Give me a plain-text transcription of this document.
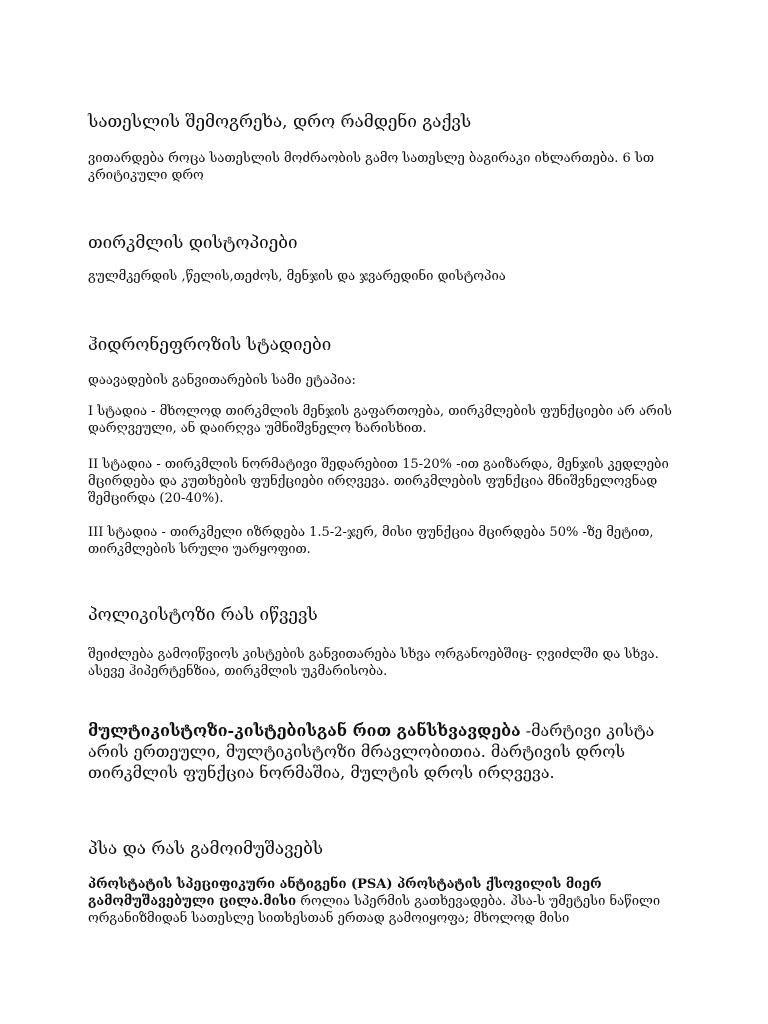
სათესლის შემოგრეხა, დრო რამდენი გაქვს

ვითარდება როცა სათესლის მოძრაობის გამო სათესლე ბაგირაკი იხლართება. 6 სთ კრიტიკული დრო

თირკმლის დისტოპიები

გულმკერდის ,წელის,თეძოს, მენჯის და ჯვარედინი დისტოპია

ჰიდრონეფროზის სტადიები

დაავადების განვითარების სამი ეტაპია:

I სტადია - მხოლოდ თირკმლის მენჯის გაფართოება, თირკმლების ფუნქციები არ არის დარღვეული, ან დაირღვა უმნიშვნელო ხარისხით.

II სტადია - თირკმლის ნორმატივი შედარებით 15-20% -ით გაიზარდა, მენჯის კედლები მცირდება და კუთხების ფუნქციები ირღვევა. თირკმლების ფუნქცია მნიშვნელოვნად შემცირდა (20-40%).

III სტადია - თირკმელი იზრდება 1.5-2-ჯერ, მისი ფუნქცია მცირდება 50% -ზე მეტით, თირკმლების სრული უარყოფით.

პოლიკისტოზი რას იწვევს

შეიძლება გამოიწვიოს კისტების განვითარება სხვა ორგანოებშიც- ღვიძლში და სხვა. ასევე ჰიპერტენზია, თირკმლის უკმარისობა.

მულტიკისტოზი-კისტებისგან რით განსხვავდება -მარტივი კისტა არის ერთეული, მულტიკისტოზი მრავლობითია. მარტივის დროს თირკმლის ფუნქცია ნორმაშია, მულტის დროს ირღვევა.

პსა და რას გამოიმუშავებს

პროსტატის სპეციფიკური ანტიგენი (PSA) პროსტატის ქსოვილის მიერ გამომუშავებული ცილა.მისი როლია სპერმის გათხევადება. პსა-ს უმეტესი ნაწილი ორგანიზმიდან სათესლე სითხესთან ერთად გამოიყოფა; მხოლოდ მისი
